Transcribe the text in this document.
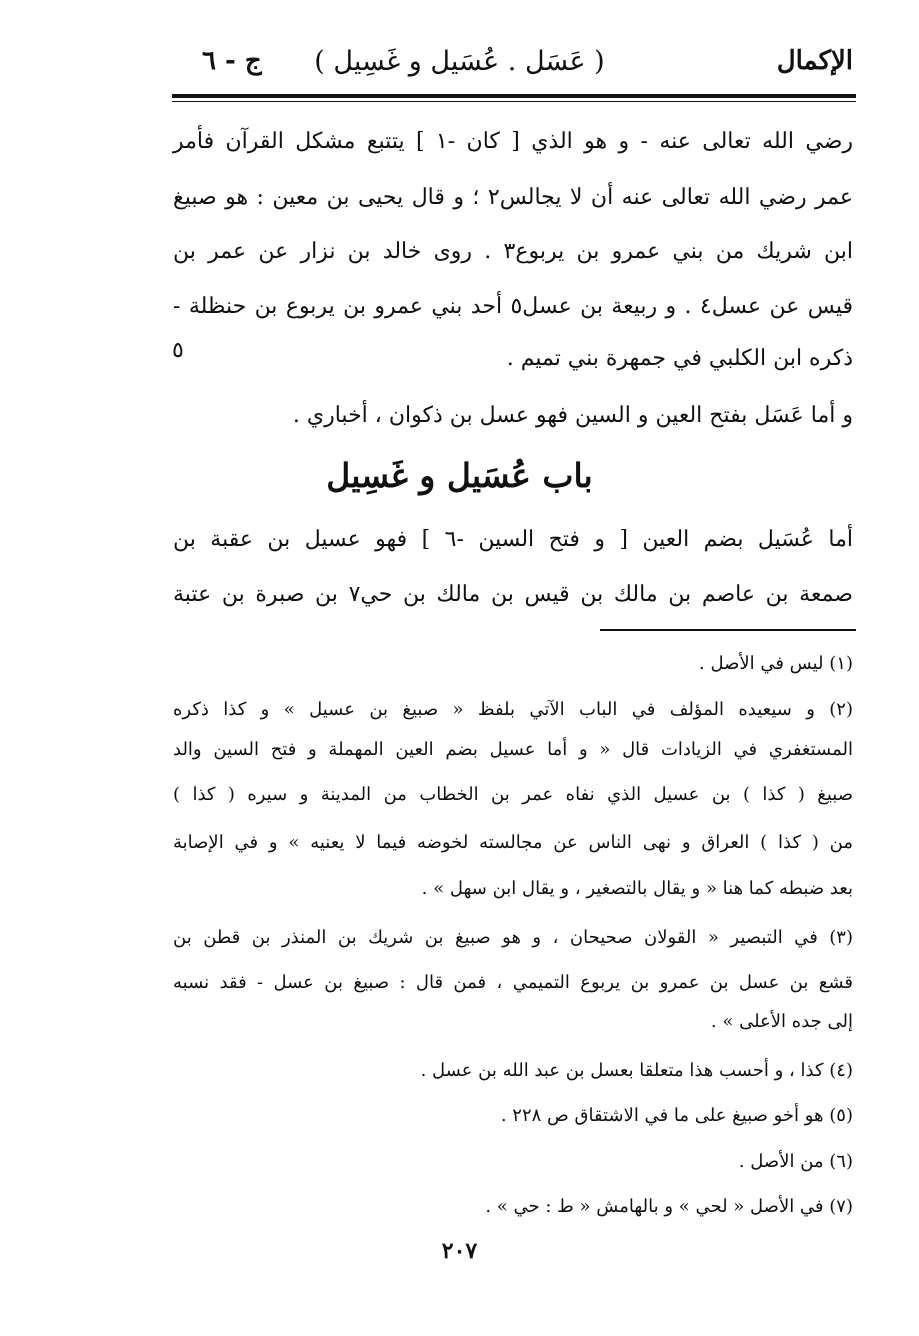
الإكمال
( عَسَل . عُسَيل و غَسِيل )
ج - ٦
رضي الله تعالى عنه - و هو الذي [ كان -١ ] يتتبع مشكل القرآن فأمر
عمر رضي الله تعالى عنه أن لا يجالس٢ ؛ و قال يحيى بن معين : هو صبيغ
ابن شريك من بني عمرو بن يربوع٣ . روى خالد بن نزار عن عمر بن
قيس عن عسل٤ . و ربيعة بن عسل٥ أحد بني عمرو بن يربوع بن حنظلة -
ذكره ابن الكلبي في جمهرة بني تميم .
و أما عَسَل بفتح العين و السين فهو عسل بن ذكوان ، أخباري .
٥
باب عُسَيل و غَسِيل
أما عُسَيل بضم العين [ و فتح السين -٦ ] فهو عسيل بن عقبة بن
صمعة بن عاصم بن مالك بن قيس بن مالك بن حي٧ بن صبرة بن عتبة
(١) ليس في الأصل .
(٢) و سيعيده المؤلف في الباب الآتي بلفظ « صبيغ بن عسيل » و كذا ذكره
المستغفري في الزيادات قال « و أما عسيل بضم العين المهملة و فتح السين والد
صبيغ ( كذا ) بن عسيل الذي نفاه عمر بن الخطاب من المدينة و سيره ( كذا )
من ( كذا ) العراق و نهى الناس عن مجالسته لخوضه فيما لا يعنيه » و في الإصابة
بعد ضبطه كما هنا « و يقال بالتصغير ، و يقال ابن سهل » .
(٣) في التبصير « القولان صحيحان ، و هو صبيغ بن شريك بن المنذر بن قطن بن
قشع بن عسل بن عمرو بن يربوع التميمي ، فمن قال : صبيغ بن عسل - فقد نسبه
إلى جده الأعلى » .
(٤) كذا ، و أحسب هذا متعلقا بعسل بن عبد الله بن عسل .
(٥) هو أخو صبيغ على ما في الاشتقاق ص ٢٢٨ .
(٦) من الأصل .
(٧) في الأصل « لحي » و بالهامش « ط : حي » .
٢٠٧
